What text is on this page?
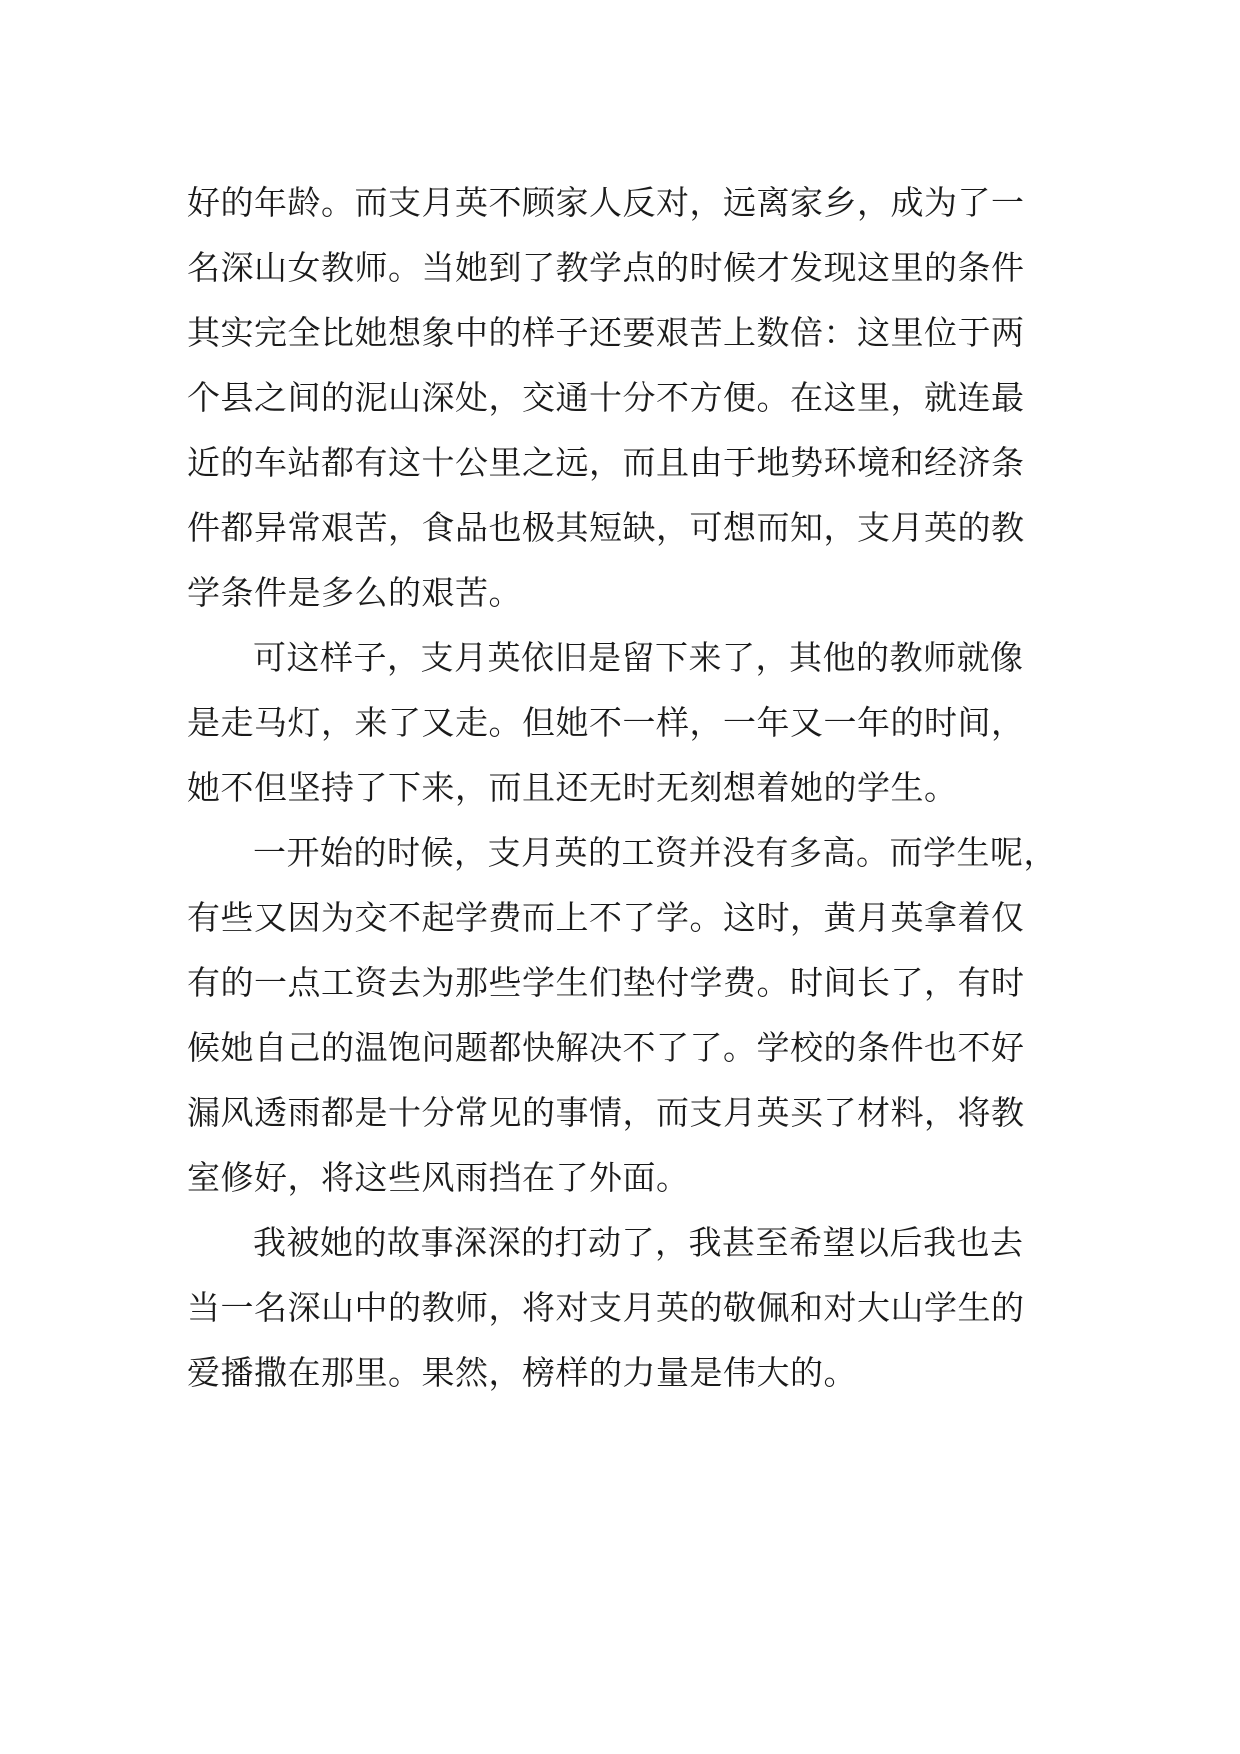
好的年龄。而支月英不顾家人反对，远离家乡，成为了一
名深山女教师。当她到了教学点的时候才发现这里的条件
其实完全比她想象中的样子还要艰苦上数倍：这里位于两
个县之间的泥山深处，交通十分不方便。在这里，就连最
近的车站都有这十公里之远，而且由于地势环境和经济条
件都异常艰苦，食品也极其短缺，可想而知，支月英的教
学条件是多么的艰苦。
可这样子，支月英依旧是留下来了，其他的教师就像
是走马灯，来了又走。但她不一样，一年又一年的时间，
她不但坚持了下来，而且还无时无刻想着她的学生。
一开始的时候，支月英的工资并没有多高。而学生呢，
有些又因为交不起学费而上不了学。这时，黄月英拿着仅
有的一点工资去为那些学生们垫付学费。时间长了，有时
候她自己的温饱问题都快解决不了了。学校的条件也不好
漏风透雨都是十分常见的事情，而支月英买了材料，将教
室修好，将这些风雨挡在了外面。
我被她的故事深深的打动了，我甚至希望以后我也去
当一名深山中的教师，将对支月英的敬佩和对大山学生的
爱播撒在那里。果然，榜样的力量是伟大的。
